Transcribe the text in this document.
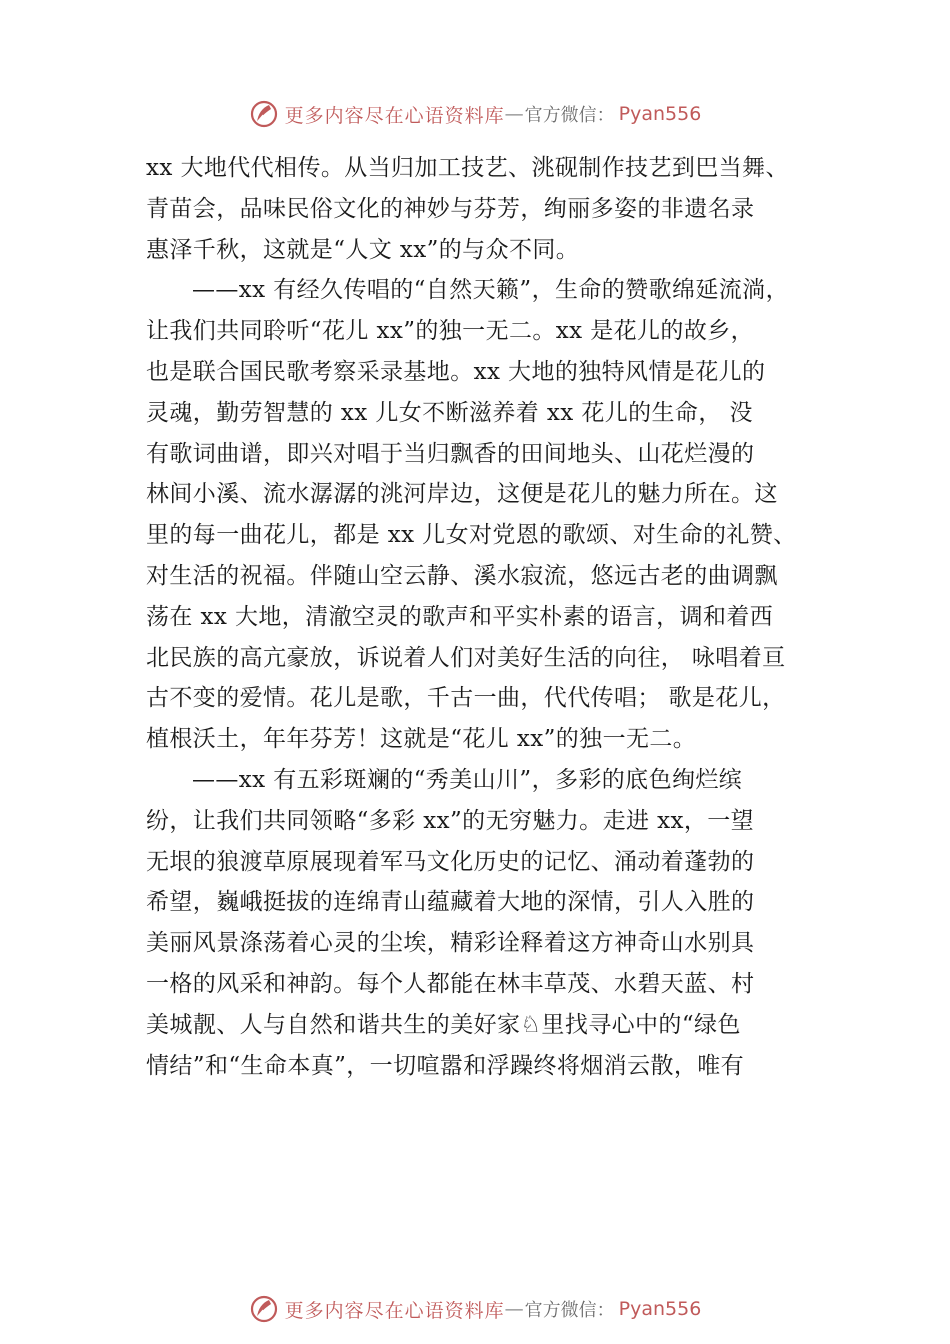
更多内容尽在心语资料库 — 官方微信： Pyan556
xx 大地代代相传。从当归加工技艺、洮砚制作技艺到巴当舞、
青苗会，品味民俗文化的神妙与芬芳，绚丽多姿的非遗名录
惠泽千秋，这就是“人文 xx”的与众不同。
——xx 有经久传唱的“自然天籁”，生命的赞歌绵延流淌，
让我们共同聆听“花儿 xx”的独一无二。xx 是花儿的故乡，
也是联合国民歌考察采录基地。xx 大地的独特风情是花儿的
灵魂，勤劳智慧的 xx 儿女不断滋养着 xx 花儿的生命， 没
有歌词曲谱，即兴对唱于当归飘香的田间地头、山花烂漫的
林间小溪、流水潺潺的洮河岸边，这便是花儿的魅力所在。这
里的每一曲花儿，都是 xx 儿女对党恩的歌颂、对生命的礼赞、
对生活的祝福。伴随山空云静、溪水寂流，悠远古老的曲调飘
荡在 xx 大地，清澈空灵的歌声和平实朴素的语言，调和着西
北民族的高亢豪放，诉说着人们对美好生活的向往， 咏唱着亘
古不变的爱情。花儿是歌，千古一曲，代代传唱； 歌是花儿，
植根沃土，年年芬芳！这就是“花儿 xx”的独一无二。
——xx 有五彩斑斓的“秀美山川”，多彩的底色绚烂缤
纷，让我们共同领略“多彩 xx”的无穷魅力。走进 xx，一望
无垠的狼渡草原展现着军马文化历史的记忆、涌动着蓬勃的
希望，巍峨挺拔的连绵青山蕴藏着大地的深情，引人入胜的
美丽风景涤荡着心灵的尘埃，精彩诠释着这方神奇山水别具
一格的风采和神韵。每个人都能在林丰草茂、水碧天蓝、村
美城靓、人与自然和谐共生的美好家♘里找寻心中的“绿色
情结”和“生命本真”，一切喧嚣和浮躁终将烟消云散，唯有
更多内容尽在心语资料库 — 官方微信： Pyan556
